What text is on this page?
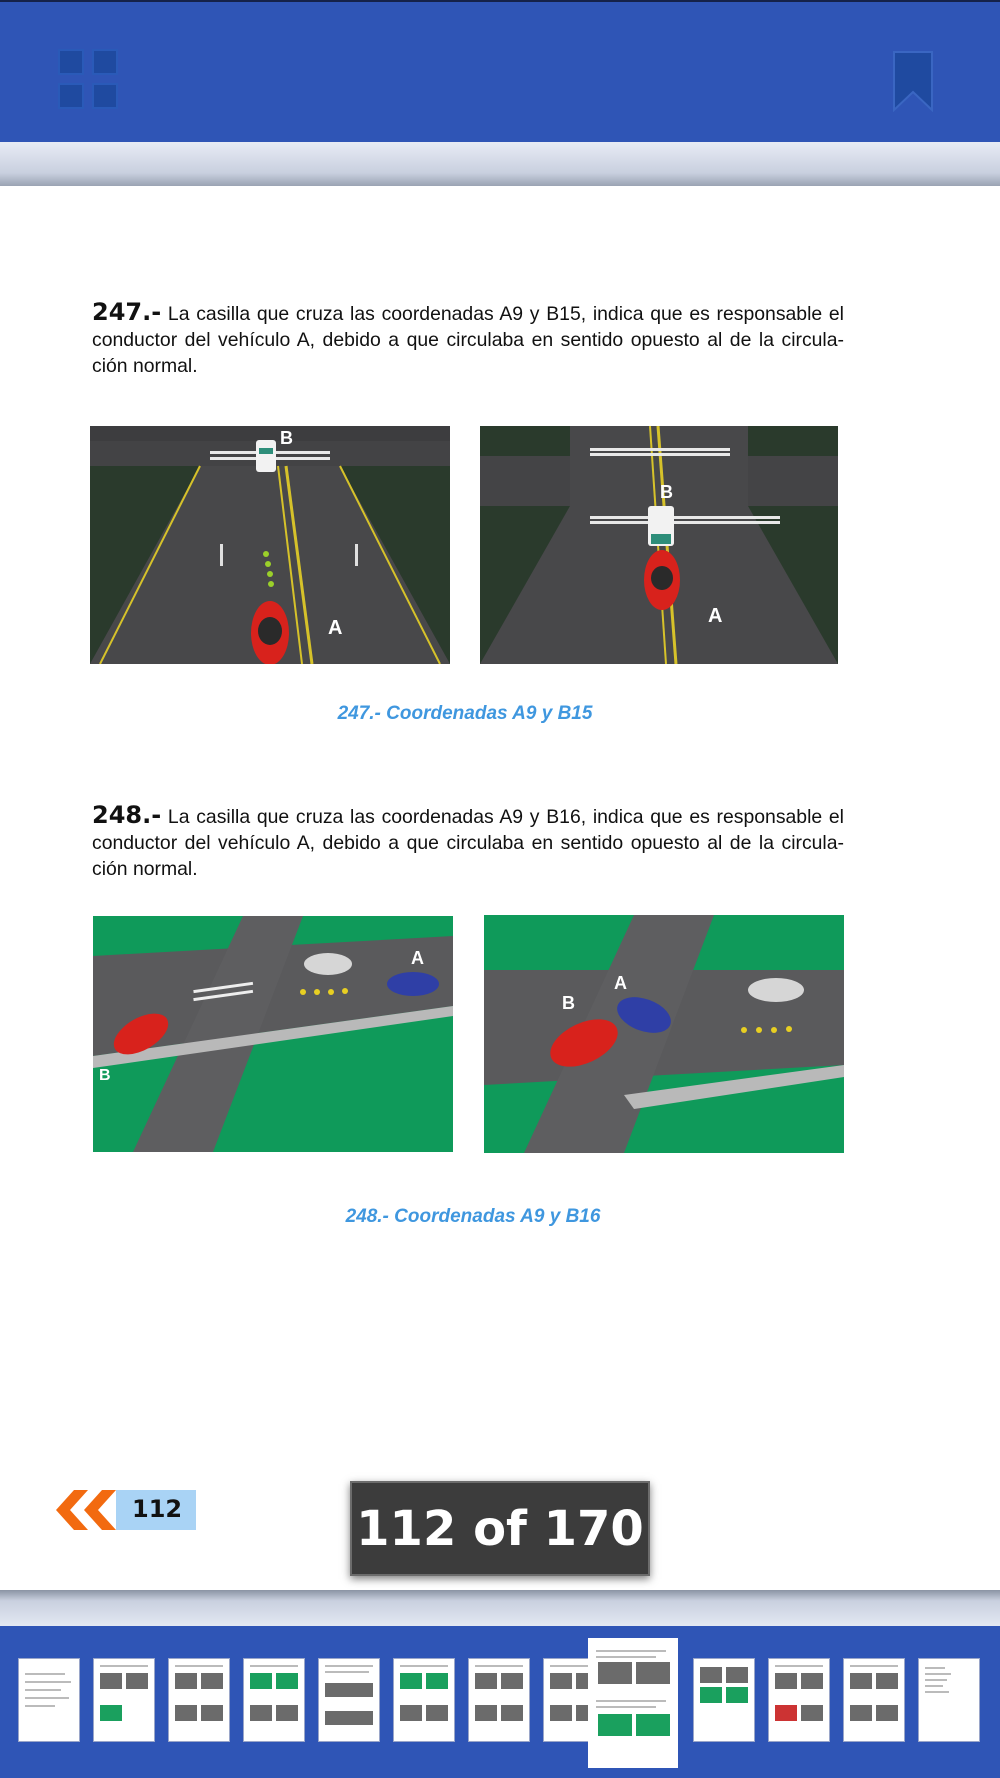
247.- La casilla que cruza las coordenadas A9 y B15, indica que es responsable el conductor del vehículo A, debido a que circulaba en sentido opuesto al de la circula-ción normal.
B
A
B
A
247.- Coordenadas A9 y B15
248.- La casilla que cruza las coordenadas A9 y B16, indica que es responsable el conductor del vehículo A, debido a que circulaba en sentido opuesto al de la circula-ción normal.
A
B
A
B
248.- Coordenadas A9 y B16
112	112 of 170
